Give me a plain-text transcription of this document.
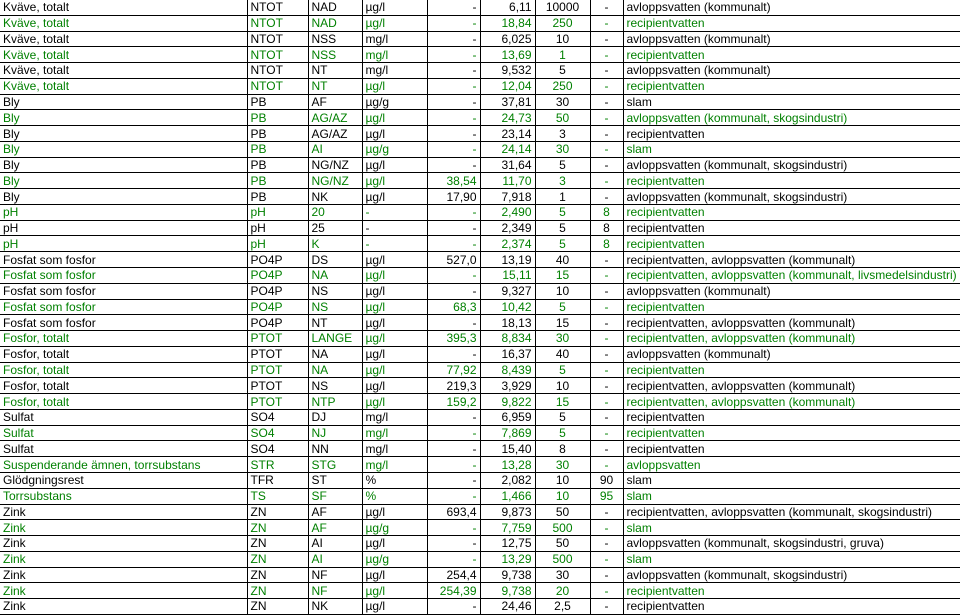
Kväve, totalt	NTOT	NAD	µg/l	-	6,11	10000	-	avloppsvatten (kommunalt)
Kväve, totalt	NTOT	NAD	µg/l	-	18,84	250	-	recipientvatten
Kväve, totalt	NTOT	NSS	mg/l	-	6,025	10	-	avloppsvatten (kommunalt)
Kväve, totalt	NTOT	NSS	mg/l	-	13,69	1	-	recipientvatten
Kväve, totalt	NTOT	NT	mg/l	-	9,532	5	-	avloppsvatten (kommunalt)
Kväve, totalt	NTOT	NT	µg/l	-	12,04	250	-	recipientvatten
Bly	PB	AF	µg/g	-	37,81	30	-	slam
Bly	PB	AG/AZ	µg/l	-	24,73	50	-	avloppsvatten (kommunalt, skogsindustri)
Bly	PB	AG/AZ	µg/l	-	23,14	3	-	recipientvatten
Bly	PB	AI	µg/g	-	24,14	30	-	slam
Bly	PB	NG/NZ	µg/l	-	31,64	5	-	avloppsvatten (kommunalt, skogsindustri)
Bly	PB	NG/NZ	µg/l	38,54	11,70	3	-	recipientvatten
Bly	PB	NK	µg/l	17,90	7,918	1	-	avloppsvatten (kommunalt, skogsindustri)
pH	pH	20	-	-	2,490	5	8	recipientvatten
pH	pH	25	-	-	2,349	5	8	recipientvatten
pH	pH	K	-	-	2,374	5	8	recipientvatten
Fosfat som fosfor	PO4P	DS	µg/l	527,0	13,19	40	-	recipientvatten, avloppsvatten (kommunalt)
Fosfat som fosfor	PO4P	NA	µg/l	-	15,11	15	-	recipientvatten, avloppsvatten (kommunalt, livsmedelsindustri)
Fosfat som fosfor	PO4P	NS	µg/l	-	9,327	10	-	avloppsvatten (kommunalt)
Fosfat som fosfor	PO4P	NS	µg/l	68,3	10,42	5	-	recipientvatten
Fosfat som fosfor	PO4P	NT	µg/l	-	18,13	15	-	recipientvatten, avloppsvatten (kommunalt)
Fosfor, totalt	PTOT	LANGE	µg/l	395,3	8,834	30	-	recipientvatten, avloppsvatten (kommunalt)
Fosfor, totalt	PTOT	NA	µg/l	-	16,37	40	-	avloppsvatten (kommunalt)
Fosfor, totalt	PTOT	NA	µg/l	77,92	8,439	5	-	recipientvatten
Fosfor, totalt	PTOT	NS	µg/l	219,3	3,929	10	-	recipientvatten, avloppsvatten (kommunalt)
Fosfor, totalt	PTOT	NTP	µg/l	159,2	9,822	15	-	recipientvatten, avloppsvatten (kommunalt)
Sulfat	SO4	DJ	mg/l	-	6,959	5	-	recipientvatten
Sulfat	SO4	NJ	mg/l	-	7,869	5	-	recipientvatten
Sulfat	SO4	NN	mg/l	-	15,40	8	-	recipientvatten
Suspenderande ämnen, torrsubstans	STR	STG	mg/l	-	13,28	30	-	avloppsvatten
Glödgningsrest	TFR	ST	%	-	2,082	10	90	slam
Torrsubstans	TS	SF	%	-	1,466	10	95	slam
Zink	ZN	AF	µg/l	693,4	9,873	50	-	recipientvatten, avloppsvatten (kommunalt, skogsindustri)
Zink	ZN	AF	µg/g	-	7,759	500	-	slam
Zink	ZN	AI	µg/l	-	12,75	50	-	avloppsvatten (kommunalt, skogsindustri, gruva)
Zink	ZN	AI	µg/g	-	13,29	500	-	slam
Zink	ZN	NF	µg/l	254,4	9,738	30	-	avloppsvatten (kommunalt, skogsindustri)
Zink	ZN	NF	µg/l	254,39	9,738	20	-	recipientvatten
Zink	ZN	NK	µg/l	-	24,46	2,5	-	recipientvatten
